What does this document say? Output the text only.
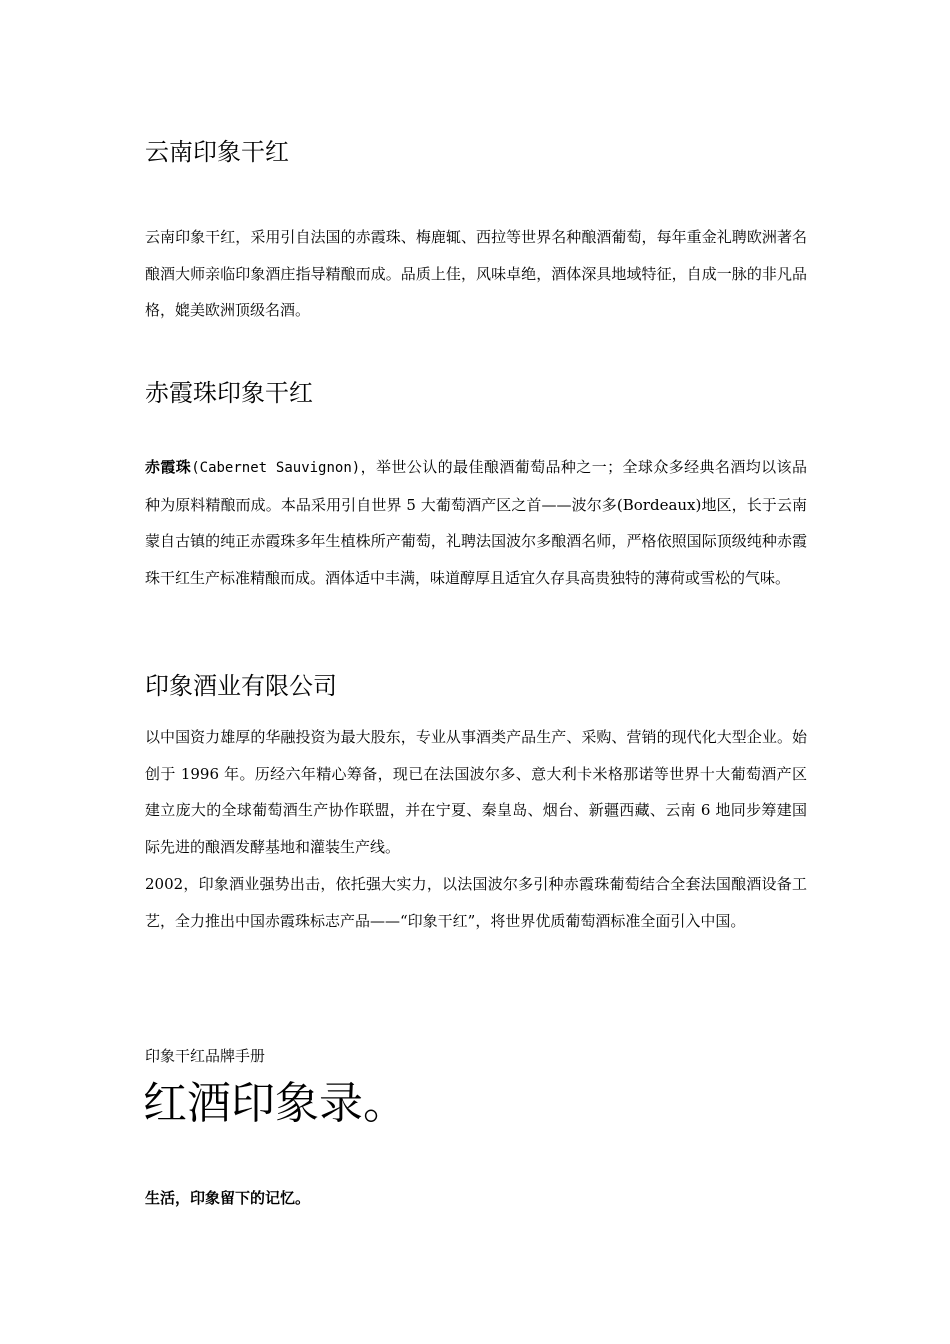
云南印象干红

云南印象干红，采用引自法国的赤霞珠、梅鹿辄、西拉等世界名种酿酒葡萄，每年重金礼聘欧洲著名酿酒大师亲临印象酒庄指导精酿而成。品质上佳，风味卓绝，酒体深具地域特征，自成一脉的非凡品格，媲美欧洲顶级名酒。

赤霞珠印象干红

赤霞珠(Cabernet Sauvignon)，举世公认的最佳酿酒葡萄品种之一；全球众多经典名酒均以该品种为原料精酿而成。本品采用引自世界 5 大葡萄酒产区之首——波尔多(Bordeaux)地区，长于云南蒙自古镇的纯正赤霞珠多年生植株所产葡萄，礼聘法国波尔多酿酒名师，严格依照国际顶级纯种赤霞珠干红生产标准精酿而成。酒体适中丰满，味道醇厚且适宜久存具高贵独特的薄荷或雪松的气味。

印象酒业有限公司

以中国资力雄厚的华融投资为最大股东，专业从事酒类产品生产、采购、营销的现代化大型企业。始创于 1996 年。历经六年精心筹备，现已在法国波尔多、意大利卡米格那诺等世界十大葡萄酒产区建立庞大的全球葡萄酒生产协作联盟，并在宁夏、秦皇岛、烟台、新疆西藏、云南 6 地同步筹建国际先进的酿酒发酵基地和灌装生产线。

2002，印象酒业强势出击，依托强大实力，以法国波尔多引种赤霞珠葡萄结合全套法国酿酒设备工艺，全力推出中国赤霞珠标志产品——“印象干红”，将世界优质葡萄酒标准全面引入中国。

印象干红品牌手册

红酒印象录。

生活，印象留下的记忆。
